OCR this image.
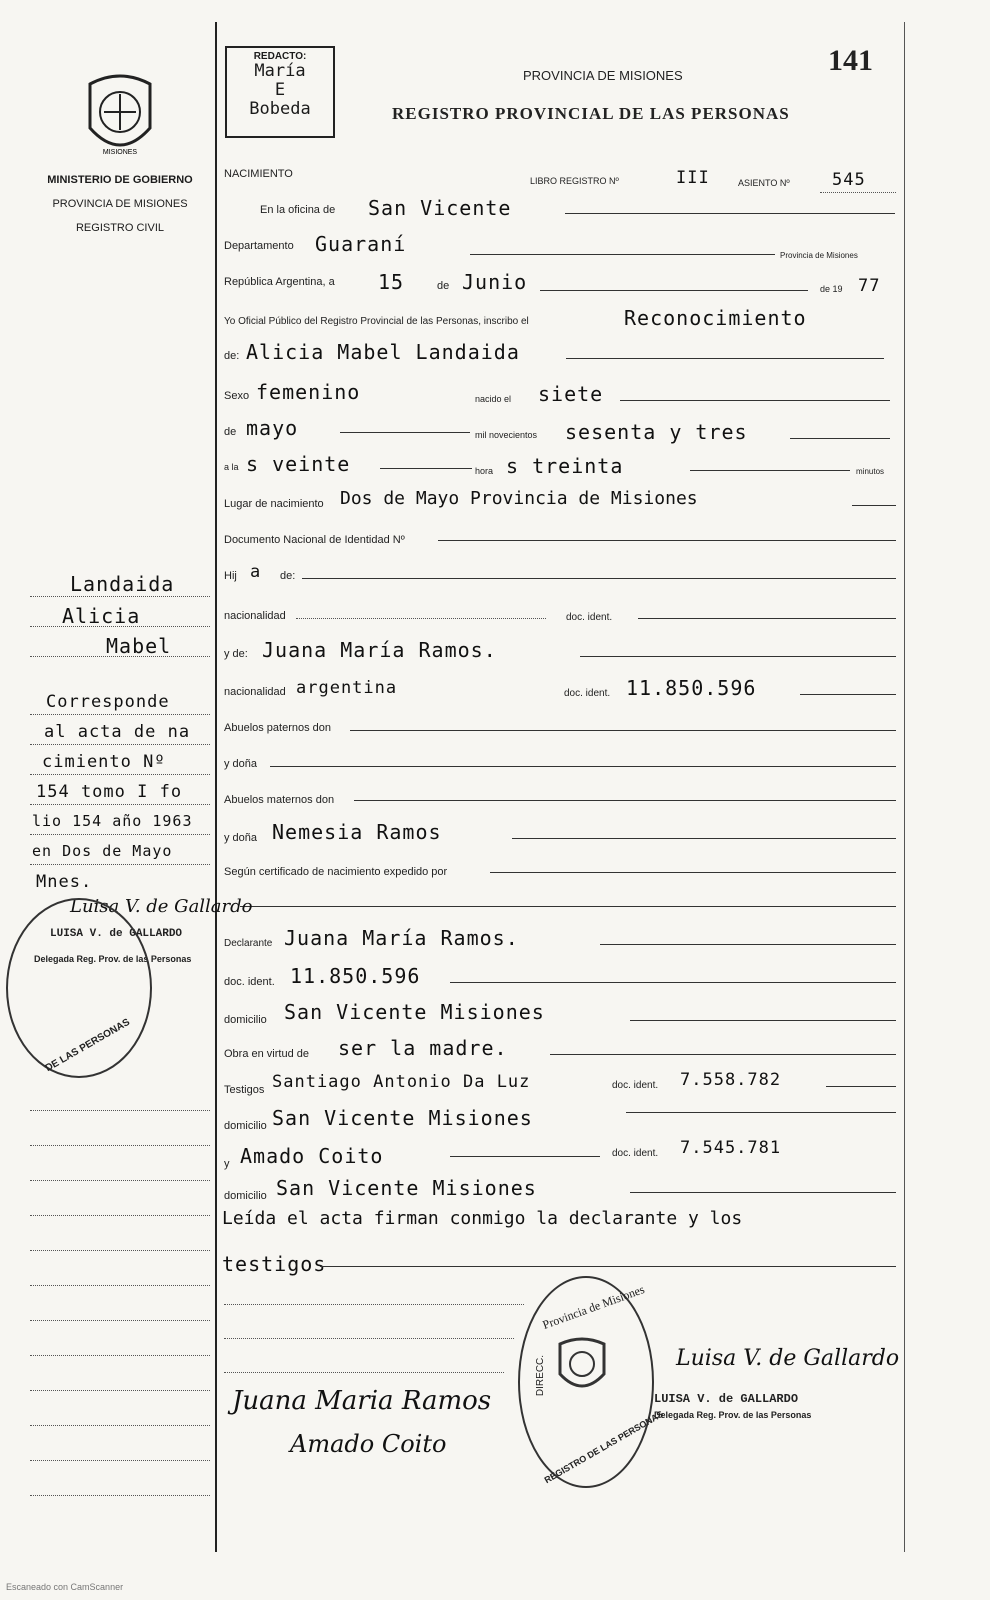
MISIONES
MINISTERIO DE GOBIERNO
PROVINCIA DE MISIONES
REGISTRO CIVIL
REDACTO:
María
E
Bobeda
PROVINCIA DE MISIONES
REGISTRO PROVINCIAL DE LAS PERSONAS
141
NACIMIENTO
LIBRO REGISTRO Nº	III	ASIENTO Nº 545
En la oficina de San Vicente
Departamento Guaraní	Provincia de Misiones
República Argentina, a 15	de Junio	de 19 77
Yo Oficial Público del Registro Provincial de las Personas, inscribo el	Reconocimiento
de: Alicia Mabel Landaida
Sexo femenino	nacido el siete
de mayo	mil novecientos sesenta y tres
a la s veinte	hora s treinta	minutos
Lugar de nacimiento Dos de Mayo Provincia de Misiones
Documento Nacional de Identidad Nº
Hij a de:
nacionalidad	doc. ident.
y de: Juana María Ramos.
nacionalidad argentina	doc. ident. 11.850.596
Abuelos paternos don
y doña
Abuelos maternos don
y doña Nemesia Ramos
Según certificado de nacimiento expedido por
Declarante Juana María Ramos.
doc. ident. 11.850.596
domicilio San Vicente Misiones
Obra en virtud de ser la madre.
Testigos Santiago Antonio Da Luz	doc. ident. 7.558.782
domicilio San Vicente Misiones
y Amado Coito	doc. ident. 7.545.781
domicilio San Vicente Misiones
Leída el acta firman conmigo la declarante y los
testigos
Landaida
Alicia
Mabel
Corresponde
al acta de na
cimiento Nº
154 tomo I fo
lio 154 año 1963
en Dos de Mayo
Mnes.
Luisa V. de Gallardo
LUISA V. de GALLARDO
Delegada Reg. Prov. de las Personas
DE LAS PERSONAS
Provincia de Misiones
DIRECC.
REGISTRO DE LAS PERSONAS
Juana Maria Ramos
Amado Coito
Luisa V. de Gallardo
LUISA V. de GALLARDO
Delegada Reg. Prov. de las Personas
Escaneado con CamScanner
